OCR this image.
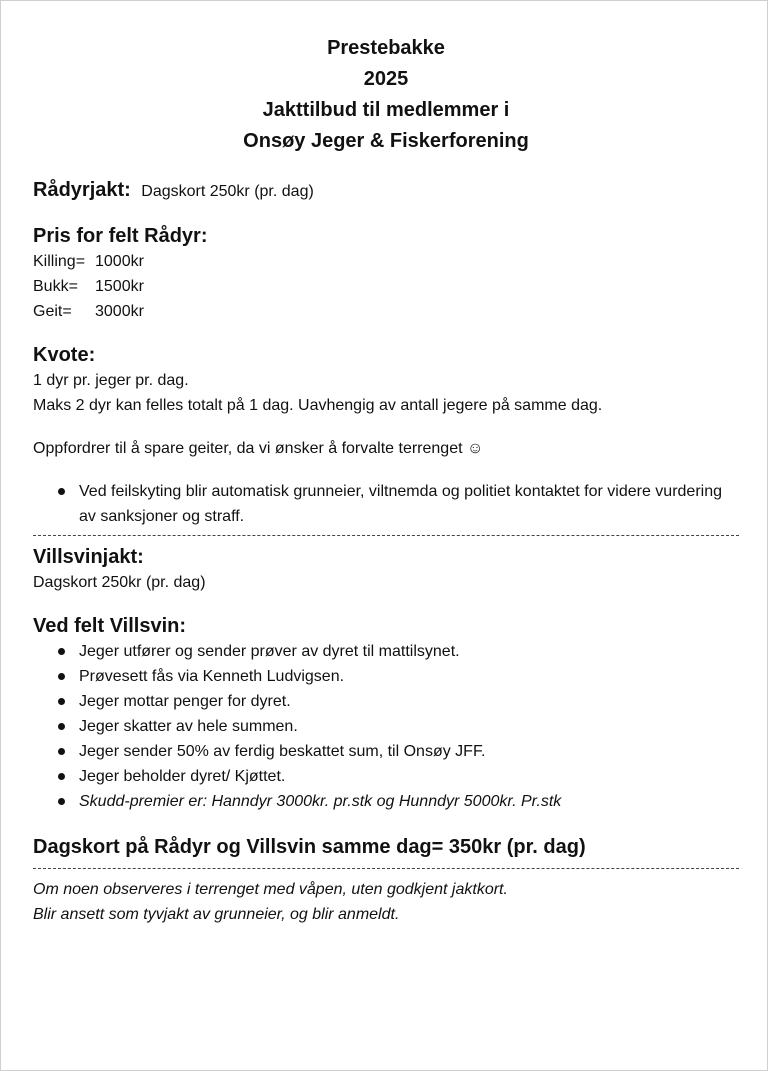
Prestebakke
2025
Jakttilbud til medlemmer i
Onsøy Jeger & Fiskerforening
Rådyrjakt: Dagskort 250kr (pr. dag)
Pris for felt Rådyr:
Killing= 1000kr
Bukk=	1500kr
Geit=	3000kr
Kvote:

1 dyr pr. jeger pr. dag.

Maks 2 dyr kan felles totalt på 1 dag. Uavhengig av antall jegere på samme dag.

Oppfordrer til å spare geiter, da vi ønsker å forvalte terrenget ☺

Ved feilskyting blir automatisk grunneier, viltnemda og politiet kontaktet for videre vurdering av sanksjoner og straff.
Villsvinjakt:

Dagskort 250kr (pr. dag)

Ved felt Villsvin:
Jeger utfører og sender prøver av dyret til mattilsynet.
Prøvesett fås via Kenneth Ludvigsen.
Jeger mottar penger for dyret.
Jeger skatter av hele summen.
Jeger sender 50% av ferdig beskattet sum, til Onsøy JFF.
Jeger beholder dyret/ Kjøttet.
Skudd-premier er: Hanndyr 3000kr. pr.stk og Hunndyr 5000kr. Pr.stk
Dagskort på Rådyr og Villsvin samme dag= 350kr (pr. dag)
Om noen observeres i terrenget med våpen, uten godkjent jaktkort.
Blir ansett som tyvjakt av grunneier, og blir anmeldt.
